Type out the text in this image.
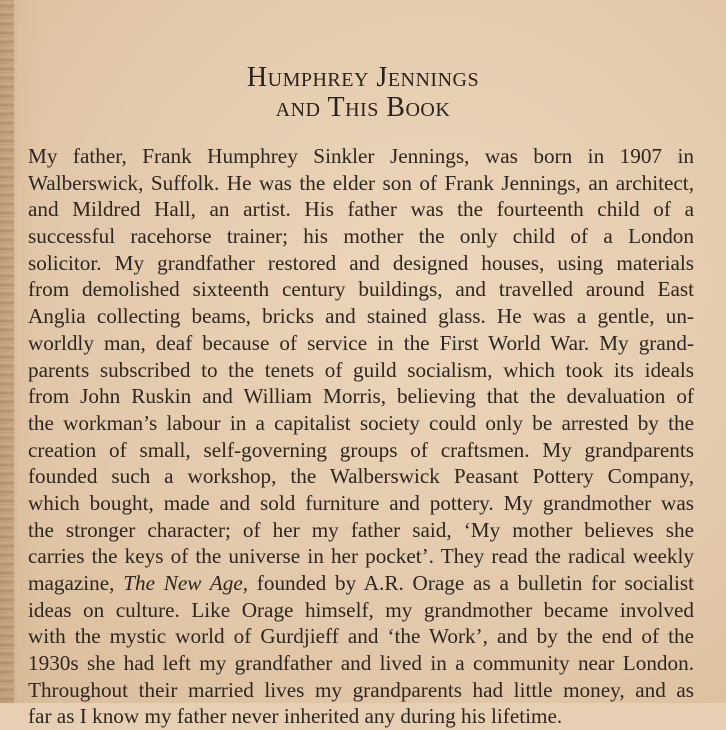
Humphrey Jennings
and This Book
My father, Frank Humphrey Sinkler Jennings, was born in 1907 in
Walberswick, Suffolk. He was the elder son of Frank Jennings, an architect,
and Mildred Hall, an artist. His father was the fourteenth child of a
successful racehorse trainer; his mother the only child of a London
solicitor. My grandfather restored and designed houses, using materials
from demolished sixteenth century buildings, and travelled around East
Anglia collecting beams, bricks and stained glass. He was a gentle, un-
worldly man, deaf because of service in the First World War. My grand-
parents subscribed to the tenets of guild socialism, which took its ideals
from John Ruskin and William Morris, believing that the devaluation of
the workman’s labour in a capitalist society could only be arrested by the
creation of small, self-governing groups of craftsmen. My grandparents
founded such a workshop, the Walberswick Peasant Pottery Company,
which bought, made and sold furniture and pottery. My grandmother was
the stronger character; of her my father said, ‘My mother believes she
carries the keys of the universe in her pocket’. They read the radical weekly
magazine, The New Age, founded by A.R. Orage as a bulletin for socialist
ideas on culture. Like Orage himself, my grandmother became involved
with the mystic world of Gurdjieff and ‘the Work’, and by the end of the
1930s she had left my grandfather and lived in a community near London.
Throughout their married lives my grandparents had little money, and as
far as I know my father never inherited any during his lifetime.
